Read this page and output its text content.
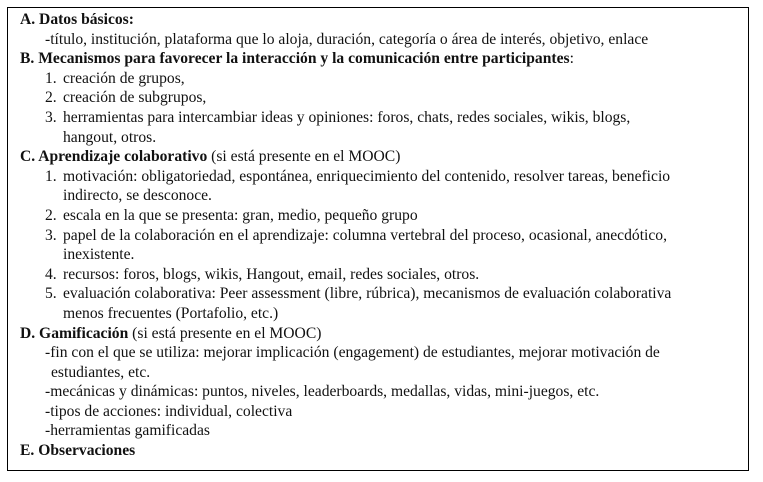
A. Datos básicos:
-título, institución, plataforma que lo aloja, duración, categoría o área de interés, objetivo, enlace
B. Mecanismos para favorecer la interacción y la comunicación entre participantes:
1. creación de grupos,
2. creación de subgrupos,
3. herramientas para intercambiar ideas y opiniones: foros, chats, redes sociales, wikis, blogs,
hangout, otros.
C. Aprendizaje colaborativo (si está presente en el MOOC)
1. motivación: obligatoriedad, espontánea, enriquecimiento del contenido, resolver tareas, beneficio
indirecto, se desconoce.
2. escala en la que se presenta: gran, medio, pequeño grupo
3. papel de la colaboración en el aprendizaje: columna vertebral del proceso, ocasional, anecdótico,
inexistente.
4. recursos: foros, blogs, wikis, Hangout, email, redes sociales, otros.
5. evaluación colaborativa: Peer assessment (libre, rúbrica), mecanismos de evaluación colaborativa
menos frecuentes (Portafolio, etc.)
D. Gamificación (si está presente en el MOOC)
-fin con el que se utiliza: mejorar implicación (engagement) de estudiantes, mejorar motivación de
estudiantes, etc.
-mecánicas y dinámicas: puntos, niveles, leaderboards, medallas, vidas, mini-juegos, etc.
-tipos de acciones: individual, colectiva
-herramientas gamificadas
E. Observaciones
